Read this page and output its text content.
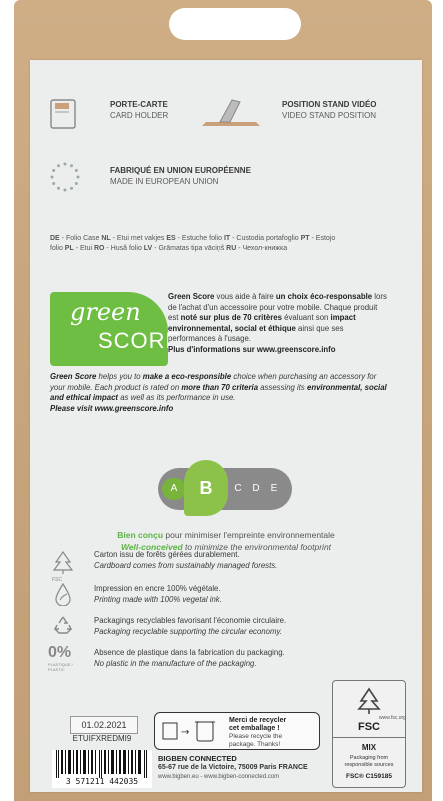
PORTE-CARTE
CARD HOLDER
POSITION STAND VIDÉO
VIDEO STAND POSITION
FABRIQUÉ EN UNION EUROPÉENNE
MADE IN EUROPEAN UNION
DE - Folio Case NL - Etui met vakjes ES - Estuche folio IT - Custodia portafoglio PT - Estojo
folio PL - Etui RO - Husă folio LV - Grāmatas tipa vāciņš RU - Чехол-книжка
green
SCORE
Green Score vous aide à faire un choix éco-responsable lors
de l'achat d'un accessoire pour votre mobile. Chaque produit
est noté sur plus de 70 critères évaluant son impact
environnemental, social et éthique ainsi que ses
performances à l'usage.
Plus d'informations sur www.greenscore.info
Green Score helps you to make a eco-responsible choice when purchasing an accessory for
your mobile. Each product is rated on more than 70 criteria assessing its environmental, social
and ethical impact as well as its performance in use.
Please visit www.greenscore.info
A	B	C	D	E
Bien conçu pour minimiser l'empreinte environnementale
Well-conceived to minimize the environmental footprint
FSC
Carton issu de forêts gérées durablement.
Cardboard comes from sustainably managed forests.
Impression en encre 100% végétale.
Printing made with 100% vegetal ink.
Packagings recyclables favorisant l'économie circulaire.
Packaging recyclable supporting the circular economy.
0%
PLASTIQUE / PLASTIC
Absence de plastique dans la fabrication du packaging.
No plastic in the manufacture of the packaging.
01.02.2021
ETUIFXREDMI9
3 571211 442035
→
Merci de recycler
cet emballage !
Please recycle the
package. Thanks!
BIGBEN CONNECTED
65-67 rue de la Victoire, 75009 Paris FRANCE
www.bigben.eu - www.bigben-connected.com
www.fsc.org
FSC
MIX
Packaging from
responsible sources
FSC® C159185
